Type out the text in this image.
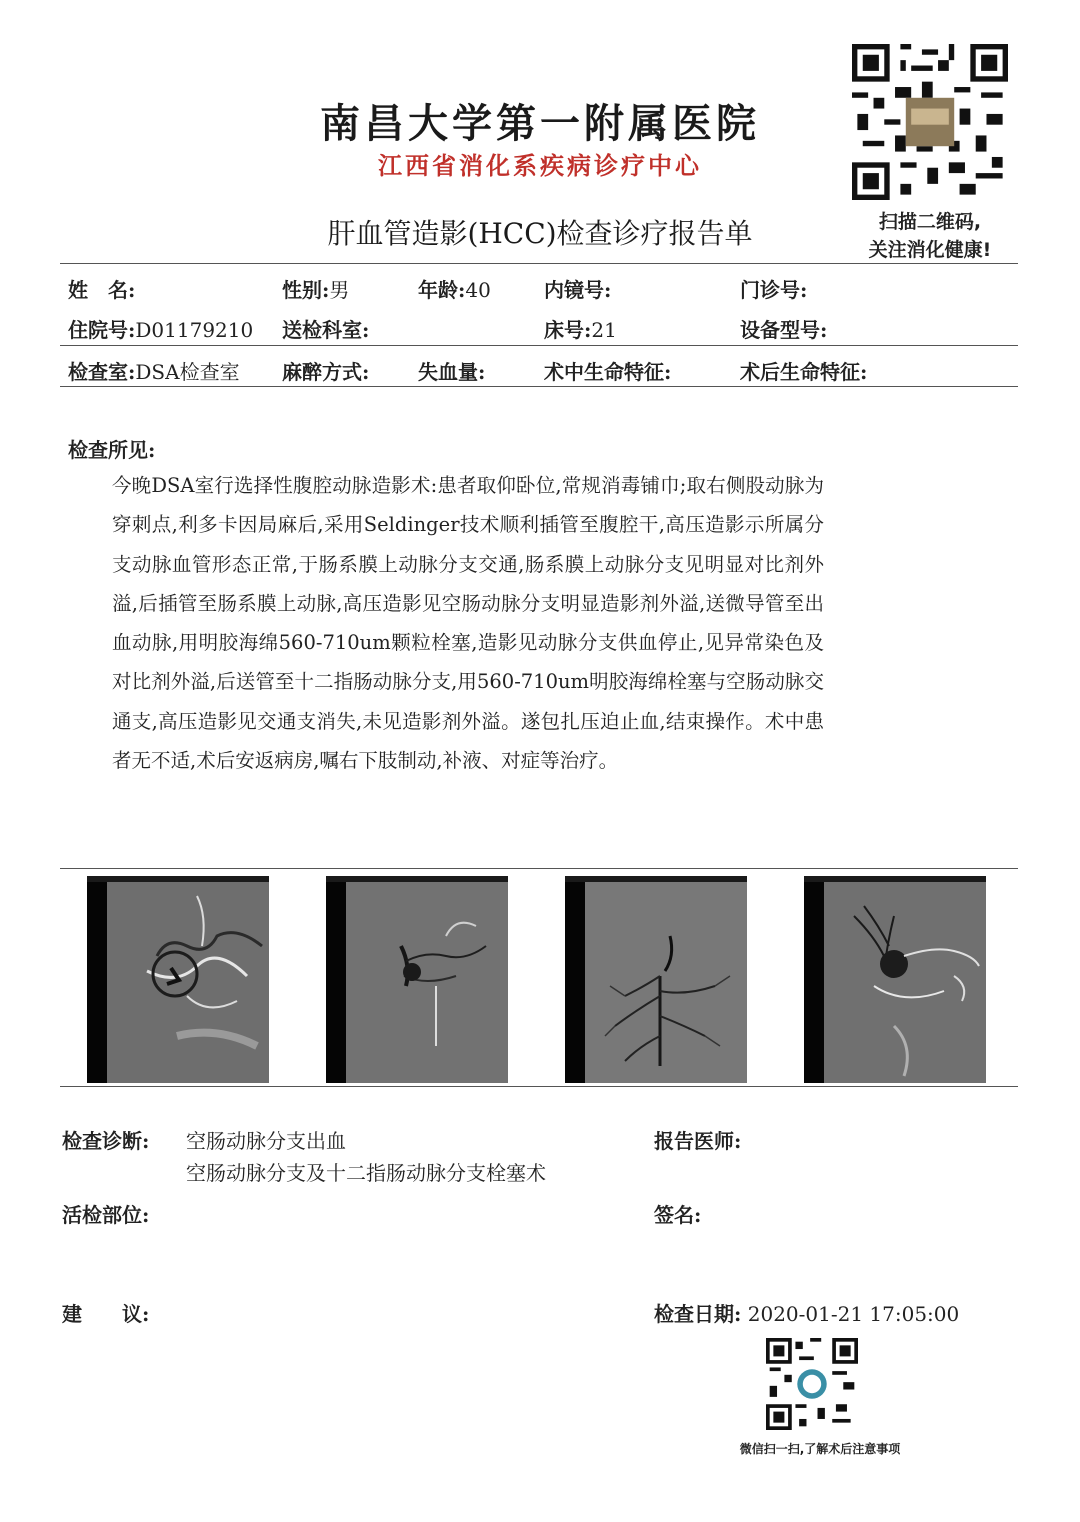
南昌大学第一附属医院
江西省消化系疾病诊疗中心
肝血管造影(HCC)检查诊疗报告单	扫描二维码,
关注消化健康!
姓　名:	性别:男	年龄:40	内镜号:	门诊号:
住院号:D01179210 送检科室:	床号:21	设备型号:
检查室:DSA检查室 麻醉方式: 失血量:	术中生命特征:	术后生命特征:
检查所见:
今晚DSA室行选择性腹腔动脉造影术:患者取仰卧位,常规消毒铺巾;取右侧股动脉为穿刺点,利多卡因局麻后,采用Seldinger技术顺利插管至腹腔干,高压造影示所属分支动脉血管形态正常,于肠系膜上动脉分支交通,肠系膜上动脉分支见明显对比剂外溢,后插管至肠系膜上动脉,高压造影见空肠动脉分支明显造影剂外溢,送微导管至出血动脉,用明胶海绵560-710um颗粒栓塞,造影见动脉分支供血停止,见异常染色及对比剂外溢,后送管至十二指肠动脉分支,用560-710um明胶海绵栓塞与空肠动脉交通支,高压造影见交通支消失,未见造影剂外溢。遂包扎压迫止血,结束操作。术中患者无不适,术后安返病房,嘱右下肢制动,补液、对症等治疗。
检查诊断: 空肠动脉分支出血
空肠动脉分支及十二指肠动脉分支栓塞术
报告医师:
活检部位:	签名:
建　　议:	检查日期: 2020-01-21 17:05:00
微信扫一扫,了解术后注意事项
